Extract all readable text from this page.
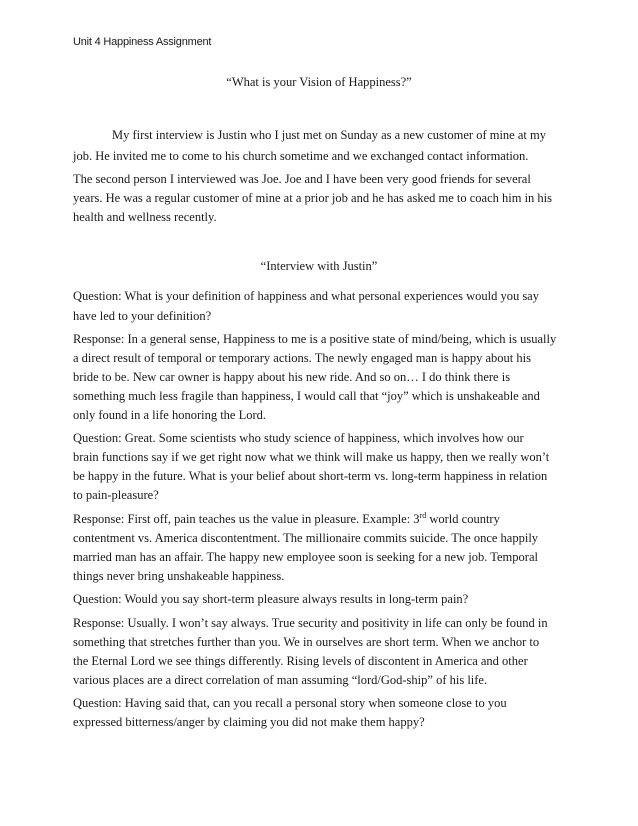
Unit 4 Happiness Assignment
“What is your Vision of Happiness?”
My first interview is Justin who I just met on Sunday as a new customer of mine at my
job. He invited me to come to his church sometime and we exchanged contact information.
The second person I interviewed was Joe. Joe and I have been very good friends for several
years. He was a regular customer of mine at a prior job and he has asked me to coach him in his
health and wellness recently.
“Interview with Justin”
Question: What is your definition of happiness and what personal experiences would you say
have led to your definition?
Response: In a general sense, Happiness to me is a positive state of mind/being, which is usually
a direct result of temporal or temporary actions. The newly engaged man is happy about his
bride to be. New car owner is happy about his new ride. And so on… I do think there is
something much less fragile than happiness, I would call that “joy” which is unshakeable and
only found in a life honoring the Lord.
Question: Great. Some scientists who study science of happiness, which involves how our
brain functions say if we get right now what we think will make us happy, then we really won’t
be happy in the future. What is your belief about short-term vs. long-term happiness in relation
to pain-pleasure?
Response: First off, pain teaches us the value in pleasure. Example: 3rd world country
contentment vs. America discontentment. The millionaire commits suicide. The once happily
married man has an affair. The happy new employee soon is seeking for a new job. Temporal
things never bring unshakeable happiness.
Question: Would you say short-term pleasure always results in long-term pain?
Response: Usually. I won’t say always. True security and positivity in life can only be found in
something that stretches further than you. We in ourselves are short term. When we anchor to
the Eternal Lord we see things differently. Rising levels of discontent in America and other
various places are a direct correlation of man assuming “lord/God-ship” of his life.
Question: Having said that, can you recall a personal story when someone close to you
expressed bitterness/anger by claiming you did not make them happy?
